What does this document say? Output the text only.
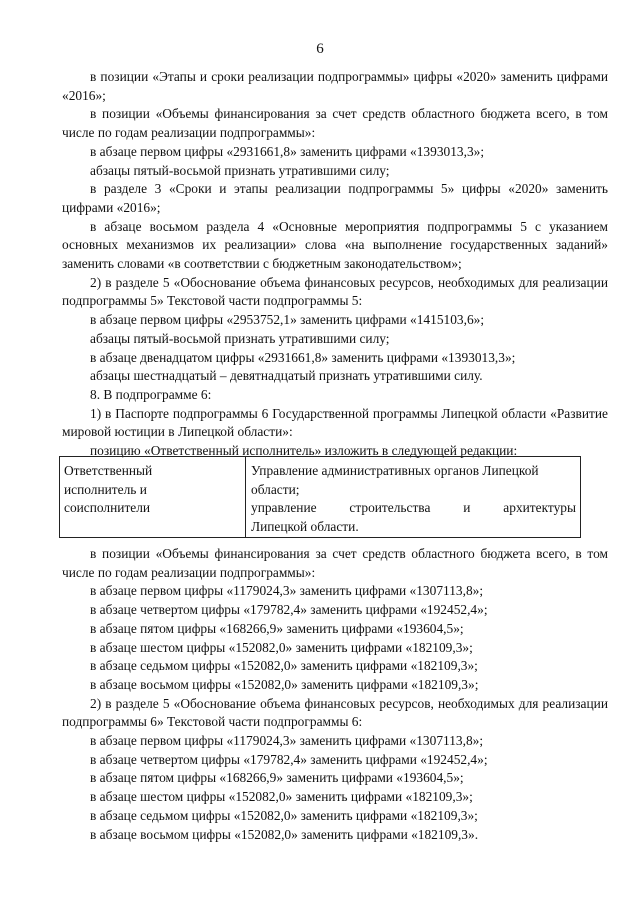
6

в позиции «Этапы и сроки реализации подпрограммы» цифры «2020» заменить цифрами «2016»;

в позиции «Объемы финансирования за счет средств областного бюджета всего, в том числе по годам реализации подпрограммы»:

в абзаце первом цифры «2931661,8» заменить цифрами «1393013,3»;

абзацы пятый-восьмой признать утратившими силу;

в разделе 3 «Сроки и этапы реализации подпрограммы 5» цифры «2020» заменить цифрами «2016»;

в абзаце восьмом раздела 4 «Основные мероприятия подпрограммы 5 с указанием основных механизмов их реализации» слова «на выполнение государственных заданий» заменить словами «в соответствии с бюджетным законодательством»;

2) в разделе 5 «Обоснование объема финансовых ресурсов, необходимых для реализации подпрограммы 5» Текстовой части подпрограммы 5:

в абзаце первом цифры «2953752,1» заменить цифрами «1415103,6»;

абзацы пятый-восьмой признать утратившими силу;

в абзаце двенадцатом цифры «2931661,8» заменить цифрами «1393013,3»;

абзацы шестнадцатый – девятнадцатый признать утратившими силу.

8. В подпрограмме 6:

1) в Паспорте подпрограммы 6 Государственной программы Липецкой области «Развитие мировой юстиции в Липецкой области»:

позицию «Ответственный исполнитель» изложить в следующей редакции:

Ответственный
исполнитель и
соисполнители
Управление административных органов Липецкой
области;
управление строительства и архитектуры
Липецкой области.

в позиции «Объемы финансирования за счет средств областного бюджета всего, в том числе по годам реализации подпрограммы»:

в абзаце первом цифры «1179024,3» заменить цифрами «1307113,8»;

в абзаце четвертом цифры «179782,4» заменить цифрами «192452,4»;

в абзаце пятом цифры «168266,9» заменить цифрами «193604,5»;

в абзаце шестом цифры «152082,0» заменить цифрами «182109,3»;

в абзаце седьмом цифры «152082,0» заменить цифрами «182109,3»;

в абзаце восьмом цифры «152082,0» заменить цифрами «182109,3»;

2) в разделе 5 «Обоснование объема финансовых ресурсов, необходимых для реализации подпрограммы 6» Текстовой части подпрограммы 6:

в абзаце первом цифры «1179024,3» заменить цифрами «1307113,8»;

в абзаце четвертом цифры «179782,4» заменить цифрами «192452,4»;

в абзаце пятом цифры «168266,9» заменить цифрами «193604,5»;

в абзаце шестом цифры «152082,0» заменить цифрами «182109,3»;

в абзаце седьмом цифры «152082,0» заменить цифрами «182109,3»;

в абзаце восьмом цифры «152082,0» заменить цифрами «182109,3».
